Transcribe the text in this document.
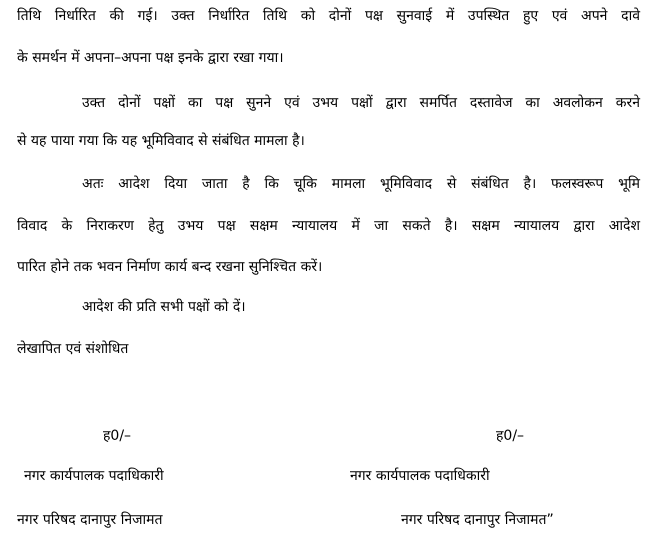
तिथि निर्धारित की गई। उक्त निर्धारित तिथि को दोनों पक्ष सुनवाई में उपस्थित हुए एवं अपने दावे
के समर्थन में अपना–अपना पक्ष इनके द्वारा रखा गया।
उक्त दोनों पक्षों का पक्ष सुनने एवं उभय पक्षों द्वारा समर्पित दस्तावेज का अवलोकन करने
से यह पाया गया कि यह भूमिविवाद से संबंधित मामला है।
अतः आदेश दिया जाता है कि चूकि मामला भूमिविवाद से संबंधित है। फलस्वरूप भूमि
विवाद के निराकरण हेतु उभय पक्ष सक्षम न्यायालय में जा सकते है। सक्षम न्यायालय द्वारा आदेश
पारित होने तक भवन निर्माण कार्य बन्द रखना सुनिश्चित करें।
आदेश की प्रति सभी पक्षों को दें।
लेखापित एवं संशोधित
ह0/–
नगर कार्यपालक पदाधिकारी
नगर परिषद दानापुर निजामत
ह0/–
नगर कार्यपालक पदाधिकारी
नगर परिषद दानापुर निजामत”
